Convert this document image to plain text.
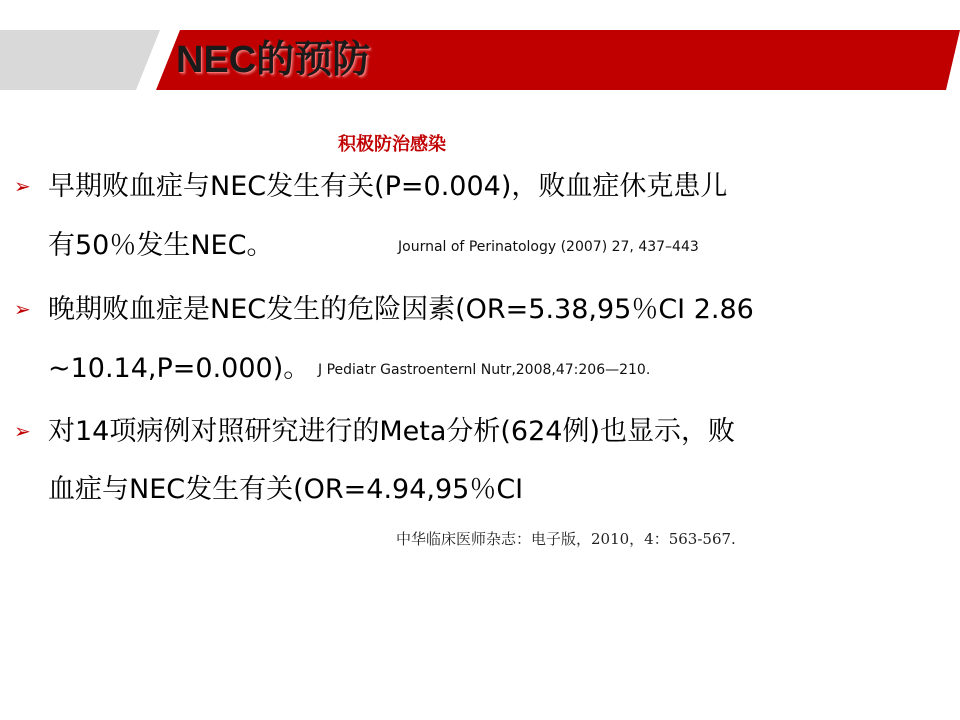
NEC的预防
积极防治感染
➢ 早期败血症与NEC发生有关(P=0.004)，败血症休克患儿
有50％发生NEC。	Journal of Perinatology (2007) 27, 437–443
➢ 晚期败血症是NEC发生的危险因素(OR=5.38,95％CI 2.86
~10.14,P=0.000)。 J Pediatr Gastroenternl Nutr,2008,47:206—210.
➢ 对14项病例对照研究进行的Meta分析(624例)也显示，败
血症与NEC发生有关(OR=4.94,95％CI
中华临床医师杂志：电子版，2010，4：563-567.
